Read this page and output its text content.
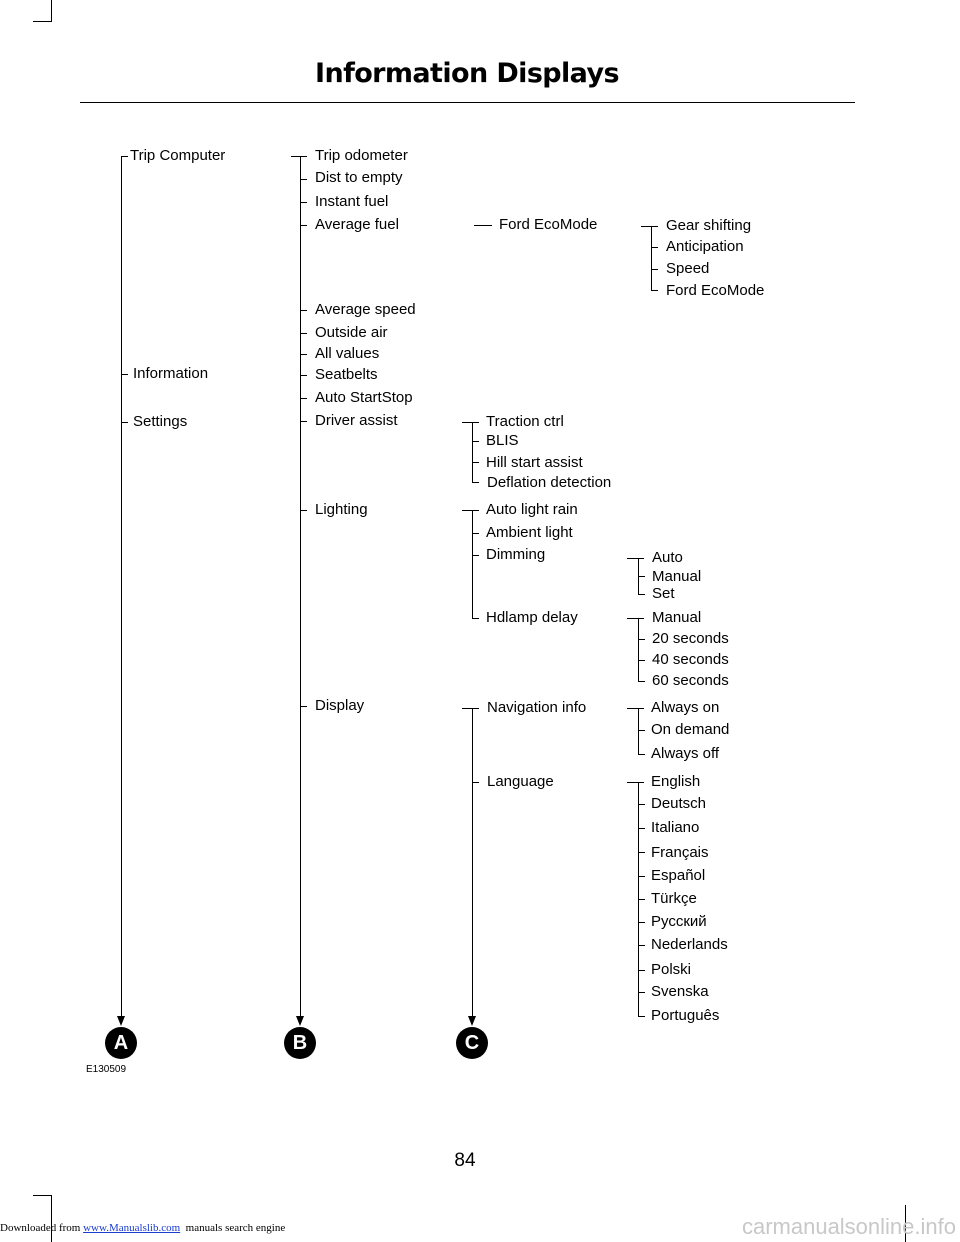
Information Displays
Trip Computer
Information
Settings
Trip odometer
Dist to empty
Instant fuel
Average fuel
Average speed
Outside air
All values
Seatbelts
Auto StartStop
Driver assist
Lighting
Display
Ford EcoMode
Traction ctrl
BLIS
Hill start assist
Deflation detection
Auto light rain
Ambient light
Dimming
Hdlamp delay
Navigation info
Language
Gear shifting
Anticipation
Speed
Ford EcoMode
Auto
Manual
Set
Manual
20 seconds
40 seconds
60 seconds
Always on
On demand
Always off
English
Deutsch
Italiano
Français
Español
Türkçe
Русский
Nederlands
Polski
Svenska
Português
A	B	C
E130509
84
Downloaded from www.Manualslib.com  manuals search engine	carmanualsonline.info
